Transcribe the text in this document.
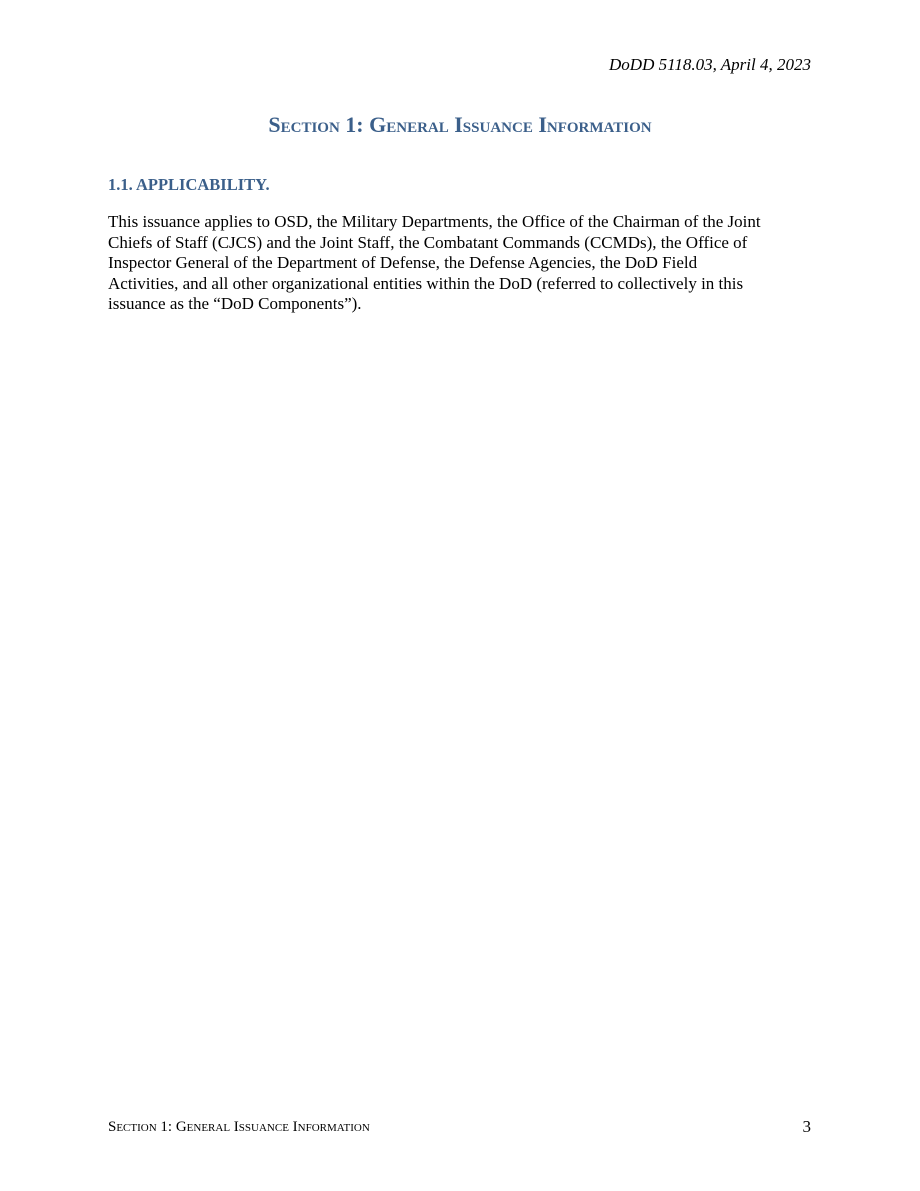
DoDD 5118.03, April 4, 2023
Section 1: General Issuance Information
1.1. APPLICABILITY.
This issuance applies to OSD, the Military Departments, the Office of the Chairman of the Joint
Chiefs of Staff (CJCS) and the Joint Staff, the Combatant Commands (CCMDs), the Office of
Inspector General of the Department of Defense, the Defense Agencies, the DoD Field
Activities, and all other organizational entities within the DoD (referred to collectively in this
issuance as the “DoD Components”).
Section 1: General Issuance Information	3
